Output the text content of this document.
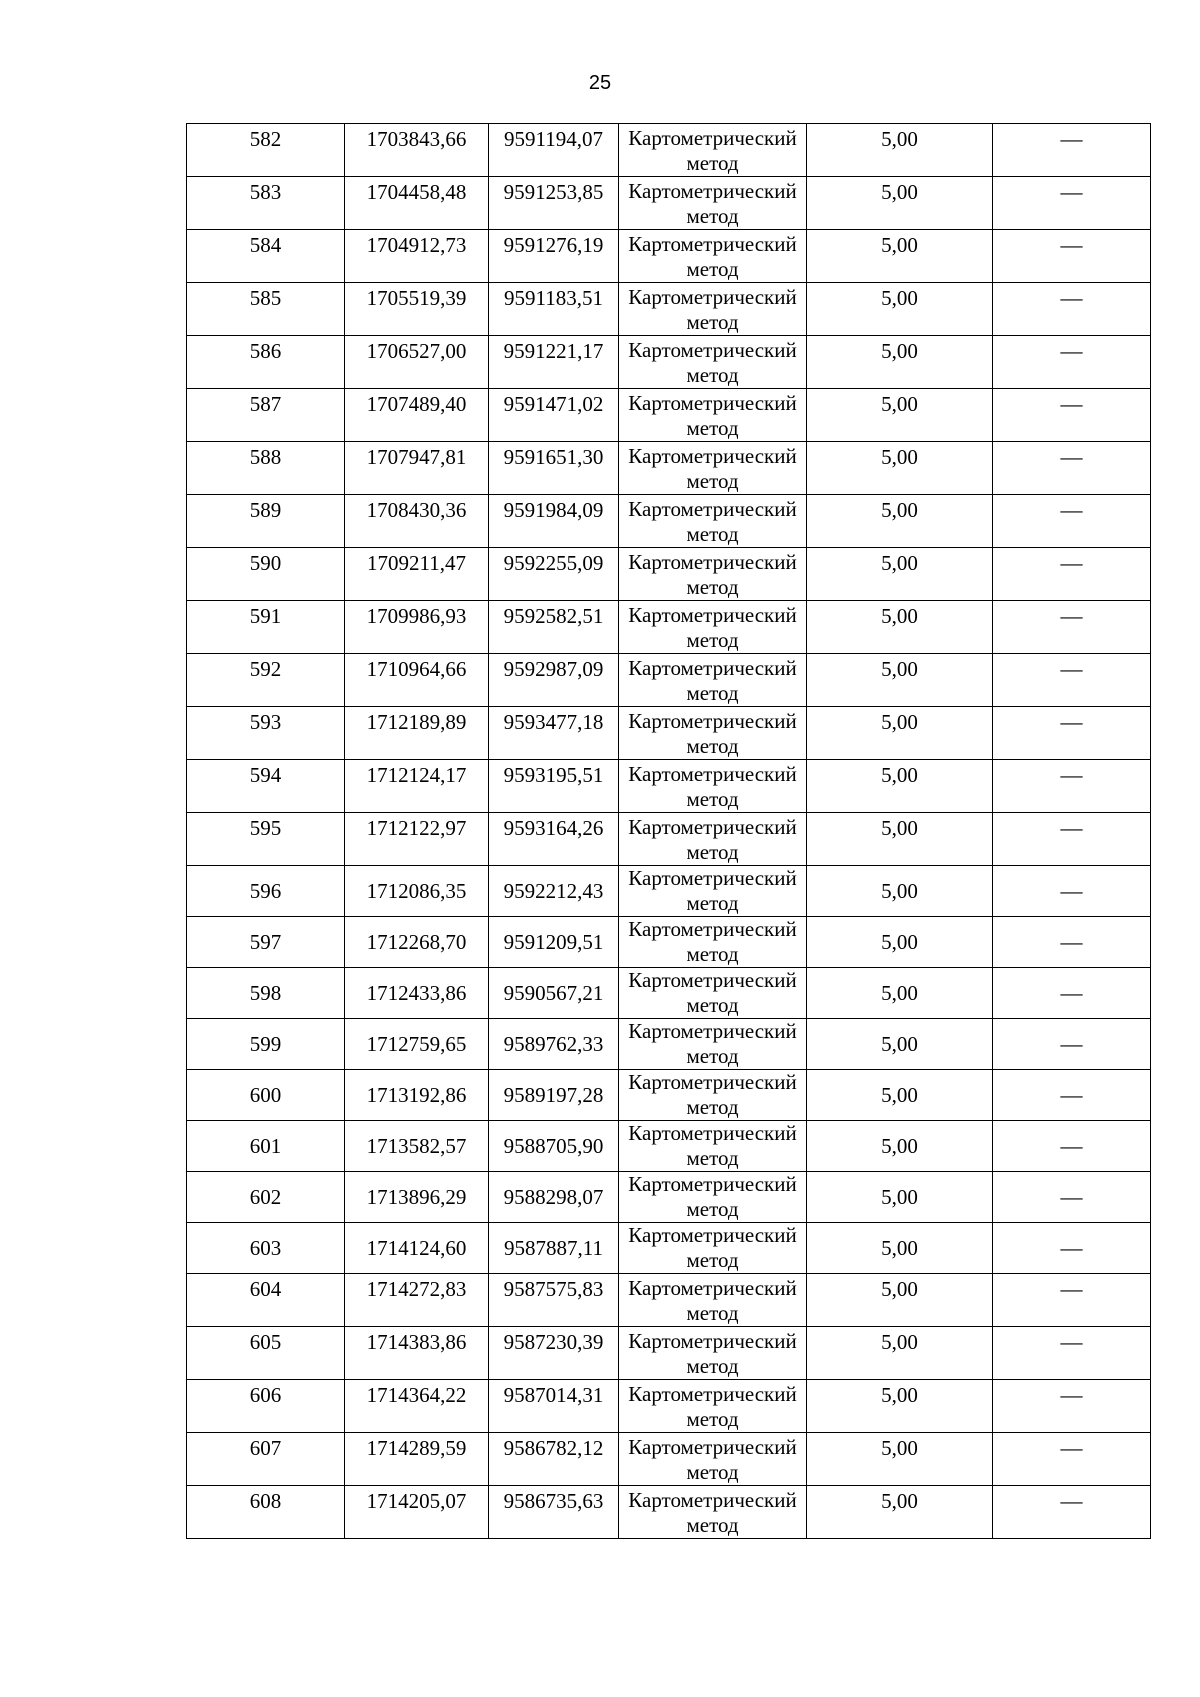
25
582	1703843,66	9591194,07	Картометрический
метод	5,00	—
583	1704458,48	9591253,85	Картометрический
метод	5,00	—
584	1704912,73	9591276,19	Картометрический
метод	5,00	—
585	1705519,39	9591183,51	Картометрический
метод	5,00	—
586	1706527,00	9591221,17	Картометрический
метод	5,00	—
587	1707489,40	9591471,02	Картометрический
метод	5,00	—
588	1707947,81	9591651,30	Картометрический
метод	5,00	—
589	1708430,36	9591984,09	Картометрический
метод	5,00	—
590	1709211,47	9592255,09	Картометрический
метод	5,00	—
591	1709986,93	9592582,51	Картометрический
метод	5,00	—
592	1710964,66	9592987,09	Картометрический
метод	5,00	—
593	1712189,89	9593477,18	Картометрический
метод	5,00	—
594	1712124,17	9593195,51	Картометрический
метод	5,00	—
595	1712122,97	9593164,26	Картометрический
метод	5,00	—
596	1712086,35	9592212,43	Картометрический
метод	5,00	—
597	1712268,70	9591209,51	Картометрический
метод	5,00	—
598	1712433,86	9590567,21	Картометрический
метод	5,00	—
599	1712759,65	9589762,33	Картометрический
метод	5,00	—
600	1713192,86	9589197,28	Картометрический
метод	5,00	—
601	1713582,57	9588705,90	Картометрический
метод	5,00	—
602	1713896,29	9588298,07	Картометрический
метод	5,00	—
603	1714124,60	9587887,11	Картометрический
метод	5,00	—
604	1714272,83	9587575,83	Картометрический
метод	5,00	—
605	1714383,86	9587230,39	Картометрический
метод	5,00	—
606	1714364,22	9587014,31	Картометрический
метод	5,00	—
607	1714289,59	9586782,12	Картометрический
метод	5,00	—
608	1714205,07	9586735,63	Картометрический
метод	5,00	—
